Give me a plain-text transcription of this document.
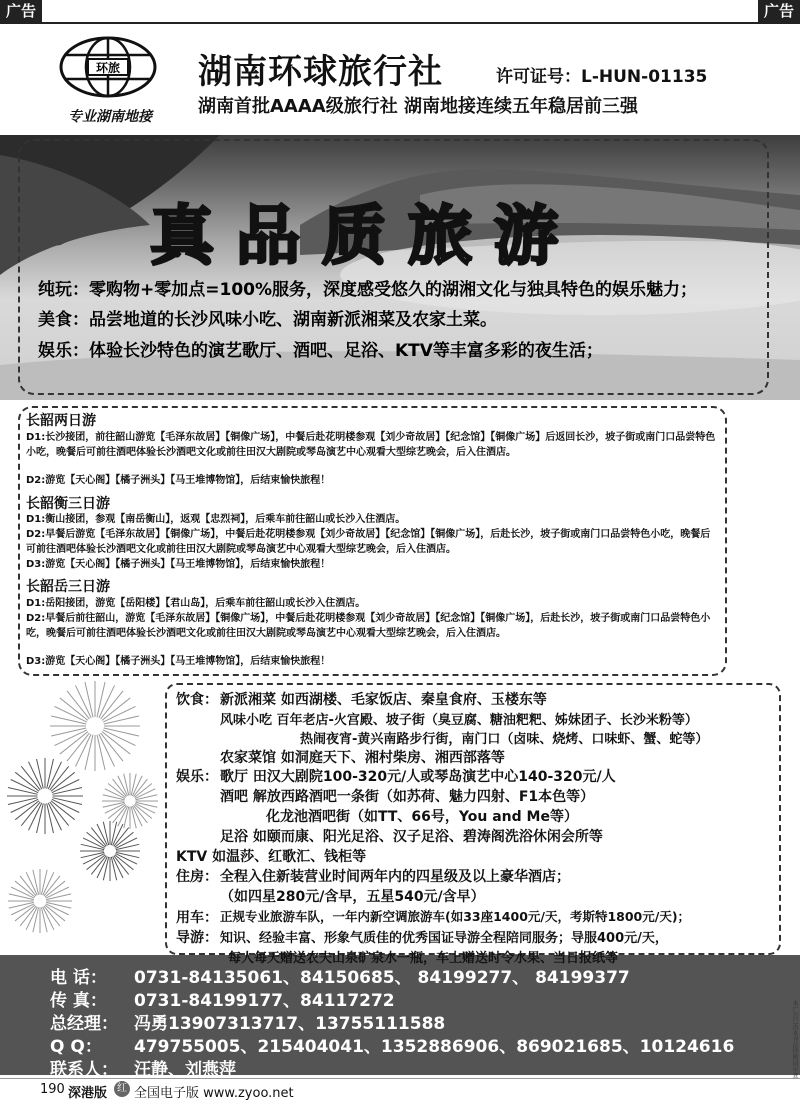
广告	广告
环旅
专业湖南地接
湖南环球旅行社	许可证号：L-HUN-01135
湖南首批AAAA级旅行社 湖南地接连续五年稳居前三强
真品质旅游
纯玩：零购物+零加点=100%服务，深度感受悠久的湖湘文化与独具特色的娱乐魅力；
美食：品尝地道的长沙风味小吃、湖南新派湘菜及农家土菜。
娱乐：体验长沙特色的演艺歌厅、酒吧、足浴、KTV等丰富多彩的夜生活；
长韶两日游
D1:长沙接团，前往韶山游览【毛泽东故居】【铜像广场】，中餐后赴花明楼参观【刘少奇故居】【纪念馆】【铜像广场】后返回长沙，坡子街或南门口品尝特色小吃，晚餐后可前往酒吧体验长沙酒吧文化或前往田汉大剧院或琴岛演艺中心观看大型综艺晚会，后入住酒店。
D2:游览【天心阁】【橘子洲头】【马王堆博物馆】，后结束愉快旅程！
长韶衡三日游
D1:衡山接团，参观【南岳衡山】，返观【忠烈祠】，后乘车前往韶山或长沙入住酒店。
D2:早餐后游览【毛泽东故居】【铜像广场】，中餐后赴花明楼参观【刘少奇故居】【纪念馆】【铜像广场】，后赴长沙，坡子街或南门口品尝特色小吃，晚餐后可前往酒吧体验长沙酒吧文化或前往田汉大剧院或琴岛演艺中心观看大型综艺晚会，后入住酒店。
D3:游览【天心阁】【橘子洲头】【马王堆博物馆】，后结束愉快旅程！
长韶岳三日游
D1:岳阳接团，游览【岳阳楼】【君山岛】，后乘车前往韶山或长沙入住酒店。
D2:早餐后前往韶山，游览【毛泽东故居】【铜像广场】，中餐后赴花明楼参观【刘少奇故居】【纪念馆】【铜像广场】，后赴长沙，坡子街或南门口品尝特色小吃，晚餐后可前往酒吧体验长沙酒吧文化或前往田汉大剧院或琴岛演艺中心观看大型综艺晚会，后入住酒店。
D3:游览【天心阁】【橘子洲头】【马王堆博物馆】，后结束愉快旅程！
饮食： 新派湘菜 如西湖楼、毛家饭店、秦皇食府、玉楼东等
风味小吃 百年老店-火宫殿、坡子街（臭豆腐、糖油粑粑、姊妹团子、长沙米粉等）
热闹夜宵-黄兴南路步行街，南门口（卤味、烧烤、口味虾、蟹、蛇等）
农家菜馆 如洞庭天下、湘村柴房、湘西部落等
娱乐： 歌厅 田汉大剧院100-320元/人或琴岛演艺中心140-320元/人
酒吧 解放西路酒吧一条街（如苏荷、魅力四射、F1本色等）
化龙池酒吧街（如TT、66号，You and Me等）
足浴 如颐而康、阳光足浴、汉子足浴、碧涛阁洗浴休闲会所等
KTV 如温莎、红歌汇、钱柜等
住房： 全程入住新装营业时间两年内的四星级及以上豪华酒店；
（如四星280元/含早，五星540元/含早）
用车： 正规专业旅游车队，一年内新空调旅游车(如33座1400元/天，考斯特1800元/天)；
导游： 知识、经验丰富、形象气质佳的优秀国证导游全程陪同服务；导服400元/天，
每人每天赠送农夫山泉矿泉水一瓶，车上赠送时令水果、当日报纸等
电 话： 0731-84135061、84150685、 84199277、 84199377
传 真： 0731-84199177、84117272
总经理： 冯勇13907313717、13755111588
Q Q： 479755005、215404041、1352886906、869021685、10124616
联系人： 汪静、刘燕萍	本广告已由本刊法律顾问审查
190 深港版 红 全国电子版 www.zyoo.net
